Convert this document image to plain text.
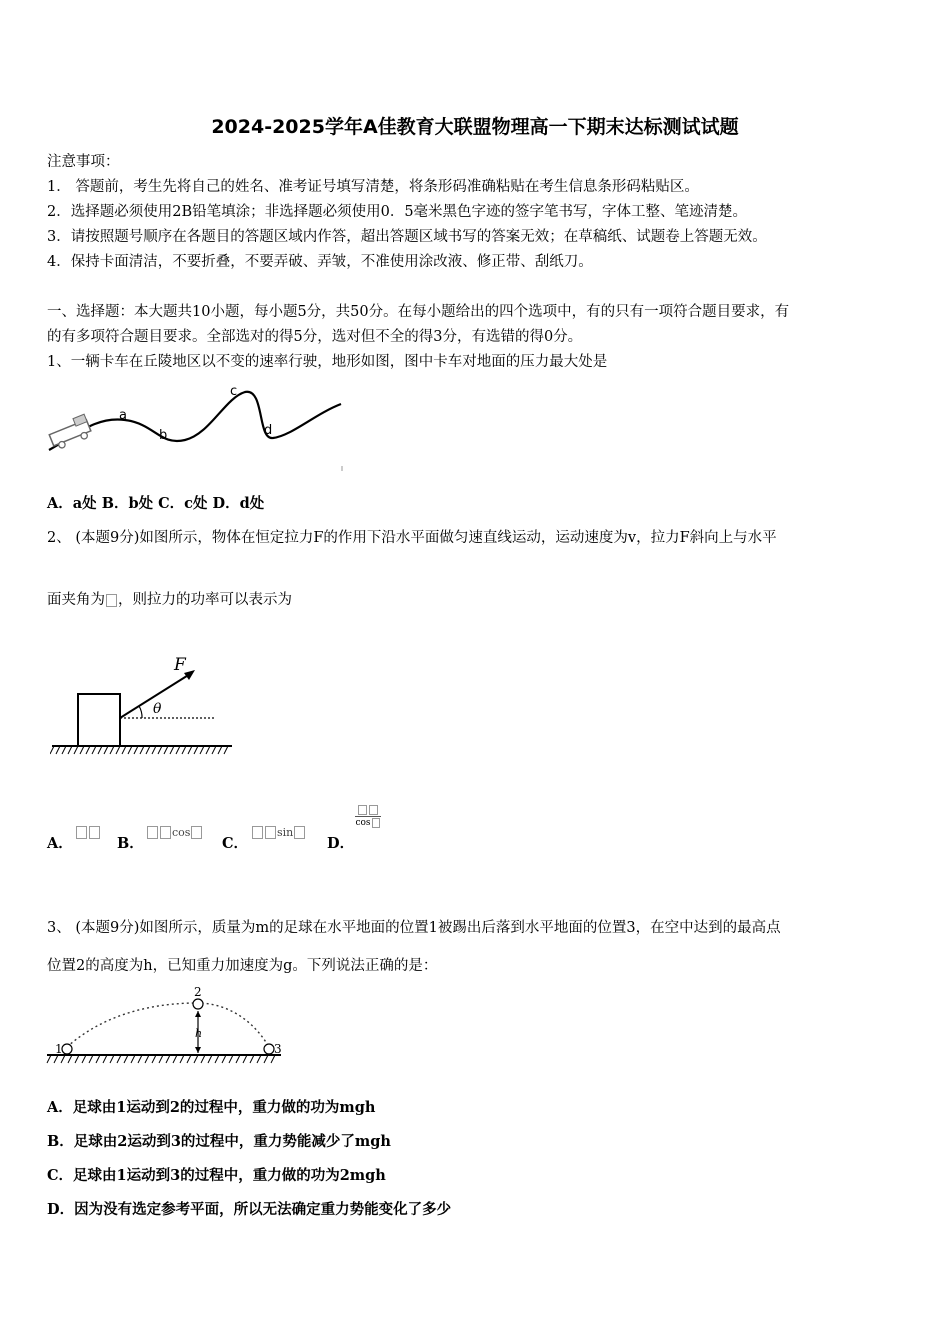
2024-2025学年A佳教育大联盟物理高一下期末达标测试试题
注意事项：
1． 答题前，考生先将自己的姓名、准考证号填写清楚，将条形码准确粘贴在考生信息条形码粘贴区。
2．选择题必须使用2B铅笔填涂；非选择题必须使用0．5毫米黑色字迹的签字笔书写，字体工整、笔迹清楚。
3．请按照题号顺序在各题目的答题区域内作答，超出答题区域书写的答案无效；在草稿纸、试题卷上答题无效。
4．保持卡面清洁，不要折叠，不要弄破、弄皱，不准使用涂改液、修正带、刮纸刀。
一、选择题：本大题共10小题，每小题5分，共50分。在每小题给出的四个选项中，有的只有一项符合题目要求，有
的有多项符合题目要求。全部选对的得5分，选对但不全的得3分，有选错的得0分。
1、一辆卡车在丘陵地区以不变的速率行驶，地形如图，图中卡车对地面的压力最大处是
a
b
c
d
A．a处 B．b处 C．c处 D．d处
2、 (本题9分)如图所示，物体在恒定拉力F的作用下沿水平面做匀速直线运动，运动速度为v，拉力F斜向上与水平
面夹角为 ，则拉力的功率可以表示为
F
θ
A．	B．
cos
C．
sin
D．
cos
3、 (本题9分)如图所示，质量为m的足球在水平地面的位置1被踢出后落到水平地面的位置3，在空中达到的最高点
位置2的高度为h，已知重力加速度为g。下列说法正确的是：
1
2
3
h
A．足球由1运动到2的过程中，重力做的功为mgh
B．足球由2运动到3的过程中，重力势能减少了mgh
C．足球由1运动到3的过程中，重力做的功为2mgh
D．因为没有选定参考平面，所以无法确定重力势能变化了多少
